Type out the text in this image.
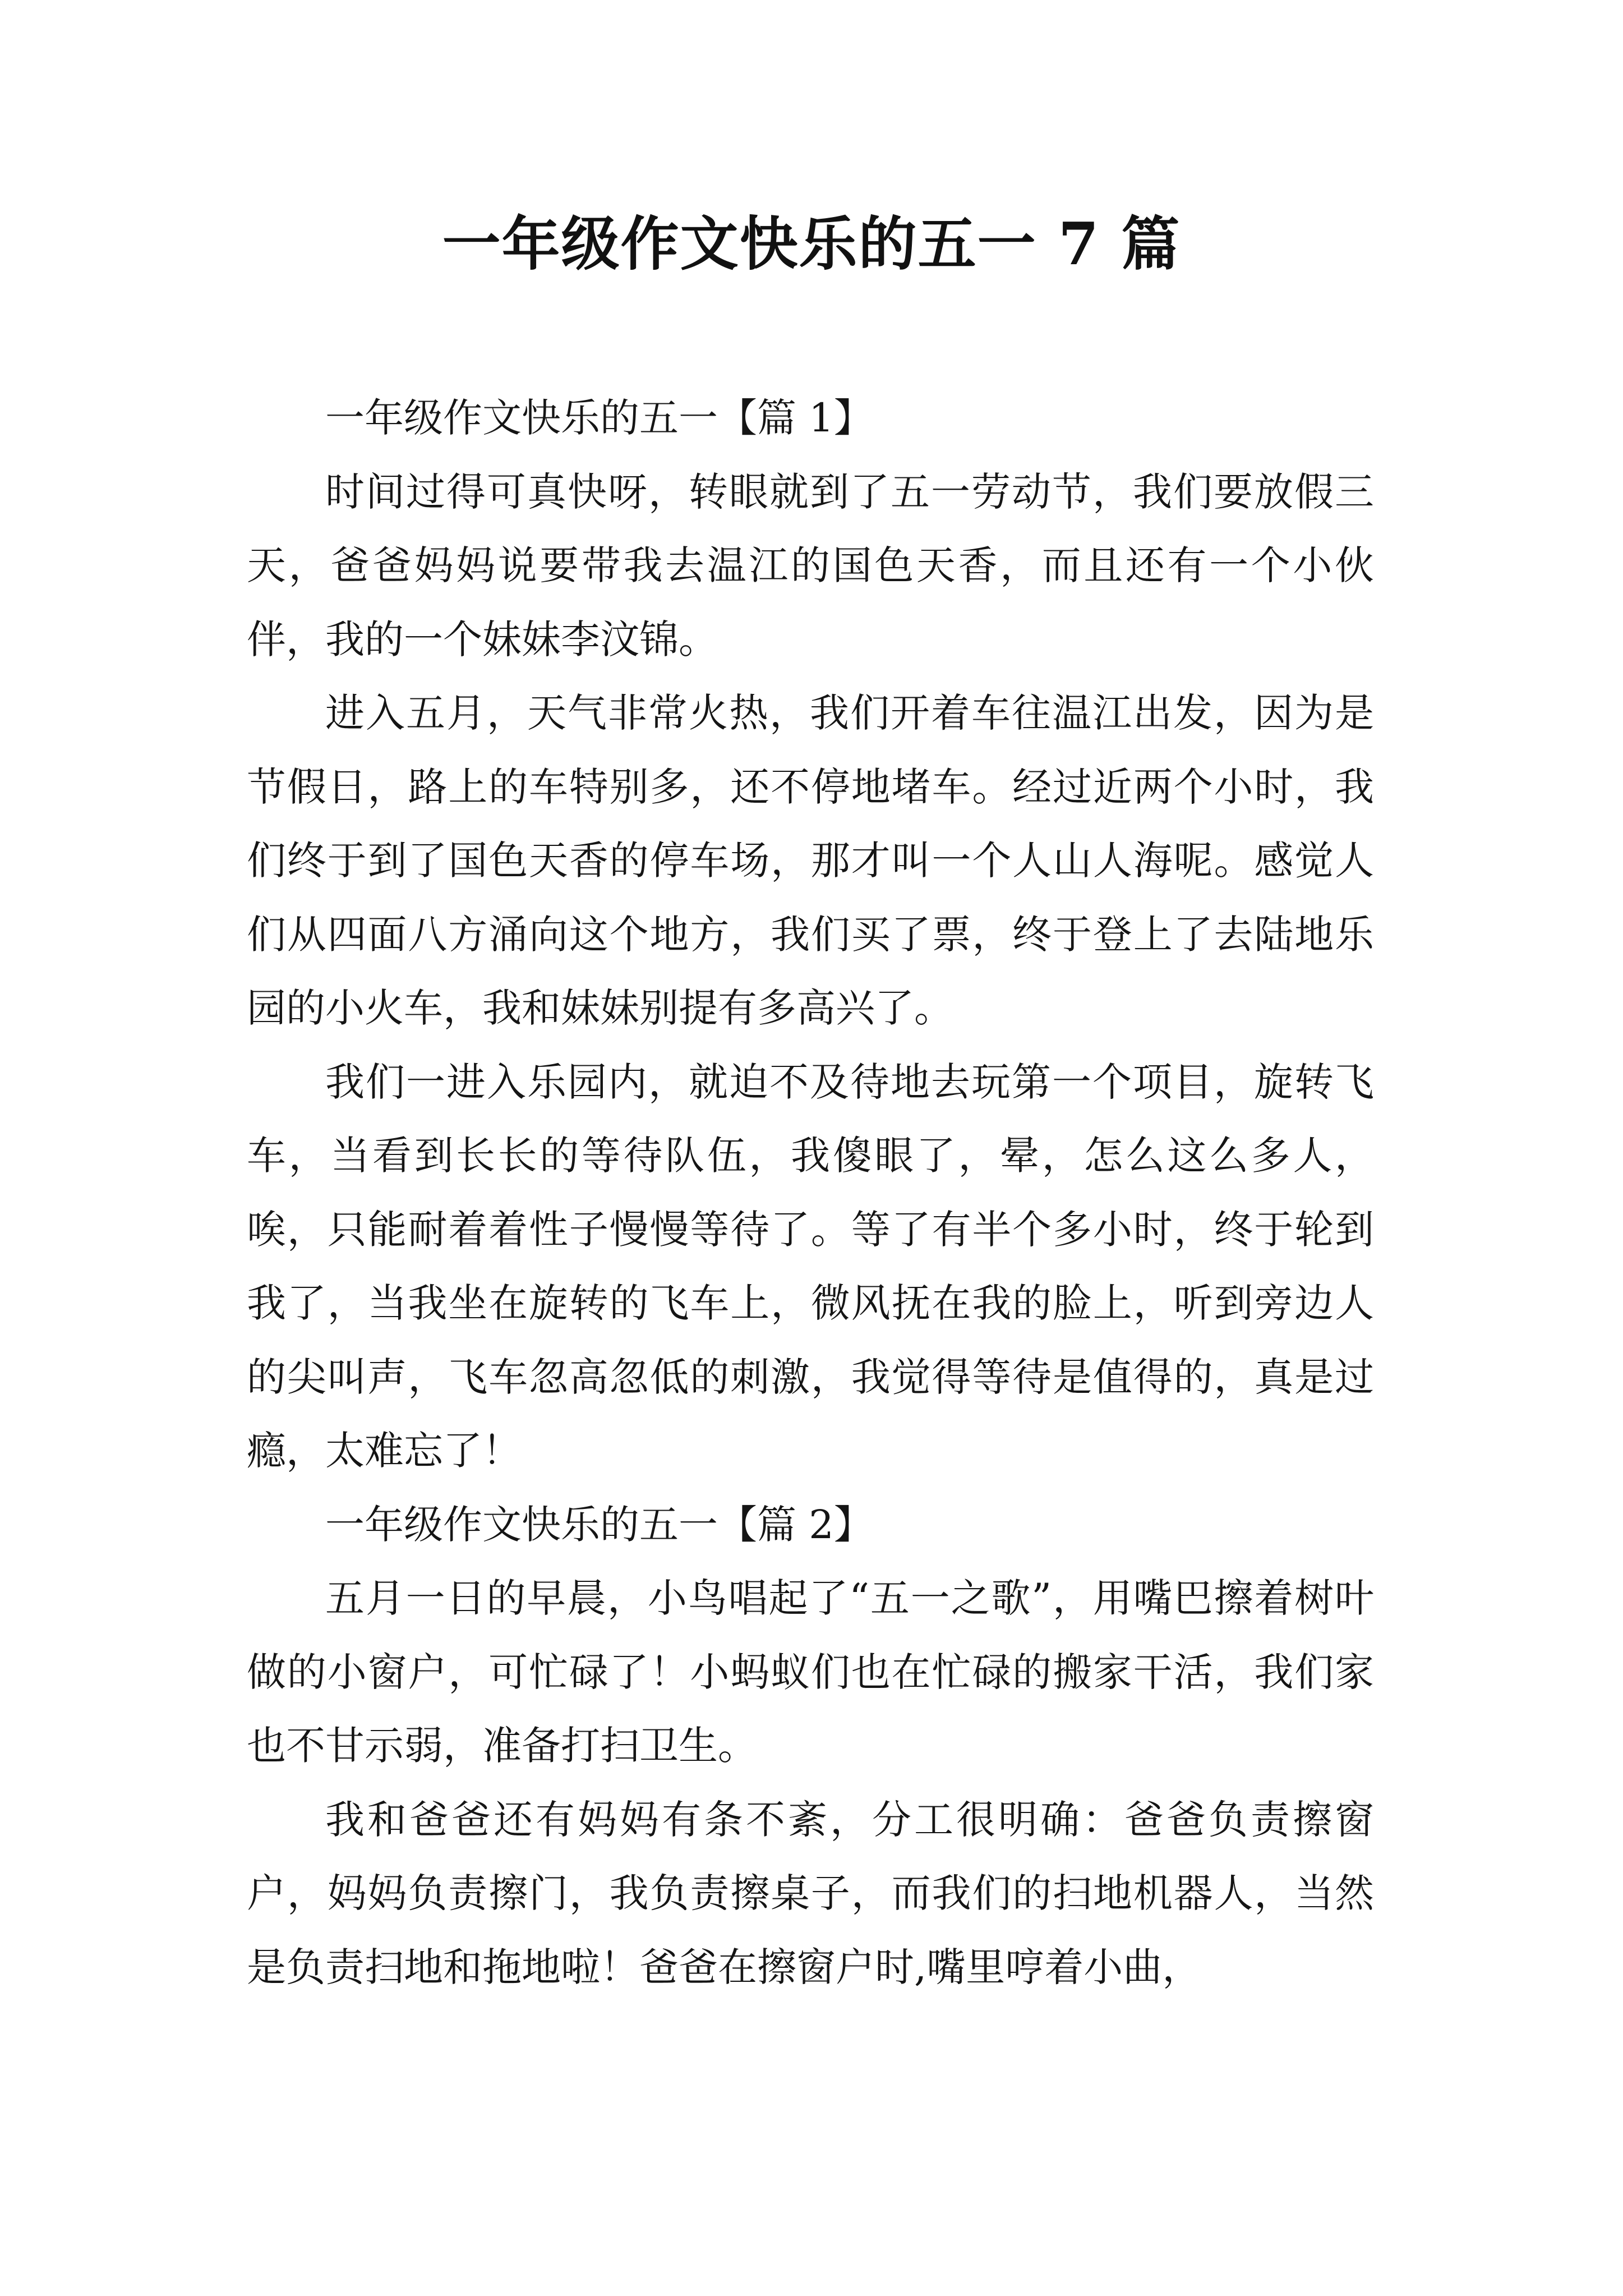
一年级作文快乐的五一 7 篇

一年级作文快乐的五一【篇 1】

时间过得可真快呀，转眼就到了五一劳动节，我们要放假三天，爸爸妈妈说要带我去温江的国色天香，而且还有一个小伙伴，我的一个妹妹李汶锦。

进入五月，天气非常火热，我们开着车往温江出发，因为是节假日，路上的车特别多，还不停地堵车。经过近两个小时，我们终于到了国色天香的停车场，那才叫一个人山人海呢。感觉人们从四面八方涌向这个地方，我们买了票，终于登上了去陆地乐园的小火车，我和妹妹别提有多高兴了。

我们一进入乐园内，就迫不及待地去玩第一个项目，旋转飞车，当看到长长的等待队伍，我傻眼了，晕，怎么这么多人，唉，只能耐着着性子慢慢等待了。等了有半个多小时，终于轮到我了，当我坐在旋转的飞车上，微风抚在我的脸上，听到旁边人的尖叫声，飞车忽高忽低的刺激，我觉得等待是值得的，真是过瘾，太难忘了！

一年级作文快乐的五一【篇 2】

五月一日的早晨，小鸟唱起了“五一之歌”，用嘴巴擦着树叶做的小窗户，可忙碌了！小蚂蚁们也在忙碌的搬家干活，我们家也不甘示弱，准备打扫卫生。

我和爸爸还有妈妈有条不紊，分工很明确：爸爸负责擦窗户，妈妈负责擦门，我负责擦桌子，而我们的扫地机器人，当然是负责扫地和拖地啦！爸爸在擦窗户时,嘴里哼着小曲，
